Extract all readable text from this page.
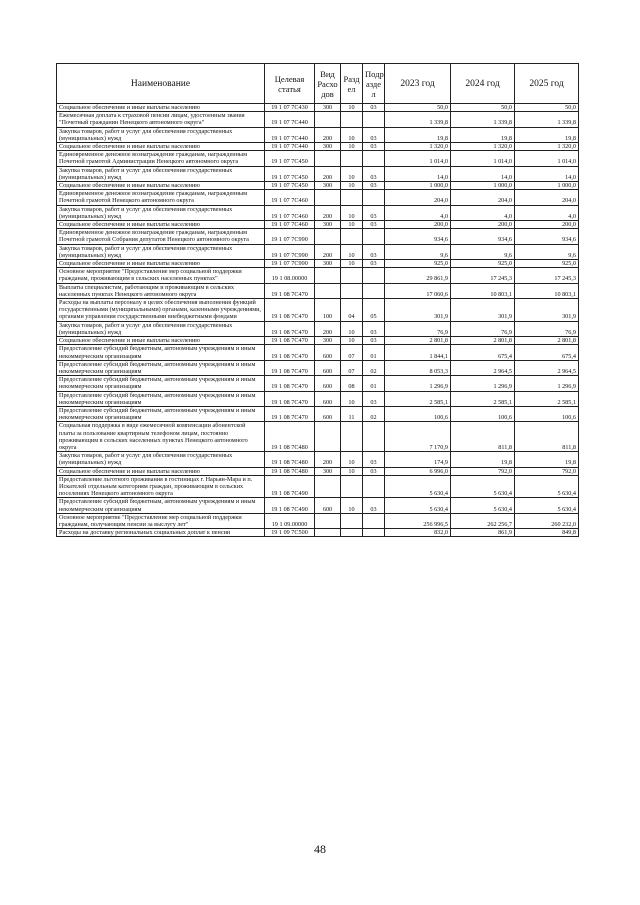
Наименование	Целевая статья	Вид Расхо дов	Разд ел	Подр азде л	2023 год	2024 год	2025 год
Социальное обеспечение и иные выплаты населению	19 1 07 7С430	300	10	03	50,0	50,0	50,0
Ежемесячная доплата к страховой пенсии лицам, удостоенным звания "Почетный гражданин Ненецкого автономного округа"	19 1 07 7С440				1 339,8	1 339,8	1 339,8
Закупка товаров, работ и услуг для обеспечения государственных (муниципальных) нужд	19 1 07 7С440	200	10	03	19,8	19,8	19,8
Социальное обеспечение и иные выплаты населению	19 1 07 7С440	300	10	03	1 320,0	1 320,0	1 320,0
Единовременное денежное вознаграждение гражданам, награжденным Почетной грамотой Администрации Ненецкого автономного округа	19 1 07 7С450				1 014,0	1 014,0	1 014,0
Закупка товаров, работ и услуг для обеспечения государственных (муниципальных) нужд	19 1 07 7С450	200	10	03	14,0	14,0	14,0
Социальное обеспечение и иные выплаты населению	19 1 07 7С450	300	10	03	1 000,0	1 000,0	1 000,0
Единовременное денежное вознаграждение гражданам, награжденным Почетной грамотой Ненецкого автономного округа	19 1 07 7С460				204,0	204,0	204,0
Закупка товаров, работ и услуг для обеспечения государственных (муниципальных) нужд	19 1 07 7С460	200	10	03	4,0	4,0	4,0
Социальное обеспечение и иные выплаты населению	19 1 07 7С460	300	10	03	200,0	200,0	200,0
Единовременное денежное вознаграждение гражданам, награжденным Почетной грамотой Собрания депутатов Ненецкого автономного округа	19 1 07 7С990				934,6	934,6	934,6
Закупка товаров, работ и услуг для обеспечения государственных (муниципальных) нужд	19 1 07 7С990	200	10	03	9,6	9,6	9,6
Социальное обеспечение и иные выплаты населению	19 1 07 7С990	300	10	03	925,0	925,0	925,0
Основное мероприятие "Предоставление мер социальной поддержки гражданам, проживающим в сельских населенных пунктах"	19 1 08.00000				29 861,9	17 245,3	17 245,3
Выплаты специалистам, работающим и проживающим в сельских населенных пунктах Ненецкого автономного округа	19 1 08 7С470				17 060,6	10 803,1	10 803,1
Расходы на выплаты персоналу в целях обеспечения выполнения функций государственными (муниципальными) органами, казенными учреждениями, органами управления государственными внебюджетными фондами	19 1 08 7С470	100	04	05	301,9	301,9	301,9
Закупка товаров, работ и услуг для обеспечения государственных (муниципальных) нужд	19 1 08 7С470	200	10	03	76,9	76,9	76,9
Социальное обеспечение и иные выплаты населению	19 1 08 7С470	300	10	03	2 801,8	2 801,8	2 801,8
Предоставление субсидий бюджетным, автономным учреждениям и иным некоммерческим организациям	19 1 08 7С470	600	07	01	1 844,1	675,4	675,4
Предоставление субсидий бюджетным, автономным учреждениям и иным некоммерческим организациям	19 1 08 7С470	600	07	02	8 053,3	2 964,5	2 964,5
Предоставление субсидий бюджетным, автономным учреждениям и иным некоммерческим организациям	19 1 08 7С470	600	08	01	1 296,9	1 296,9	1 296,9
Предоставление субсидий бюджетным, автономным учреждениям и иным некоммерческим организациям	19 1 08 7С470	600	10	03	2 585,1	2 585,1	2 585,1
Предоставление субсидий бюджетным, автономным учреждениям и иным некоммерческим организациям	19 1 08 7С470	600	11	02	100,6	100,6	100,6
Социальная поддержка в виде ежемесячной компенсации абонентской платы за пользование квартирным телефоном лицам, постоянно проживающим в сельских населенных пунктах Ненецкого автономного округа	19 1 08 7С480				7 170,9	811,8	811,8
Закупка товаров, работ и услуг для обеспечения государственных (муниципальных) нужд	19 1 08 7С480	200	10	03	174,9	19,8	19,8
Социальное обеспечение и иные выплаты населению	19 1 08 7С480	300	10	03	6 996,0	792,0	792,0
Предоставление льготного проживания в гостиницах г. Нарьян-Мара и п. Искателей отдельным категориям граждан, проживающим в сельских поселениях Ненецкого автономного округа	19 1 08 7С490				5 630,4	5 630,4	5 630,4
Предоставление субсидий бюджетным, автономным учреждениям и иным некоммерческим организациям	19 1 08 7С490	600	10	03	5 630,4	5 630,4	5 630,4
Основное мероприятие "Предоставление мер социальной поддержки гражданам, получающим пенсии за выслугу лет"	19 1 09.00000				256 996,5	262 256,7	260 232,0
Расходы на доставку региональных социальных доплат к пенсии	19 1 09 7С500				832,0	861,9	849,8
48
